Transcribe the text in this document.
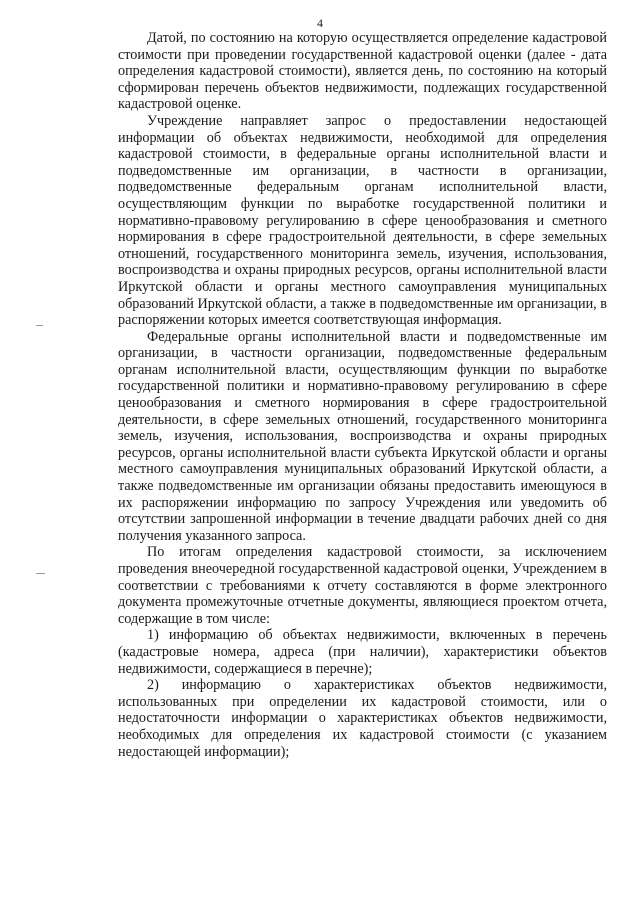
4

Датой, по состоянию на которую осуществляется определение кадастровой стоимости при проведении государственной кадастровой оценки (далее - дата определения кадастровой стоимости), является день, по состоянию на который сформирован перечень объектов недвижимости, подлежащих государственной кадастровой оценке.

Учреждение направляет запрос о предоставлении недостающей информации об объектах недвижимости, необходимой для определения кадастровой стоимости, в федеральные органы исполнительной власти и подведомственные им организации, в частности в организации, подведомственные федеральным органам исполнительной власти, осуществляющим функции по выработке государственной политики и нормативно-правовому регулированию в сфере ценообразования и сметного нормирования в сфере градостроительной деятельности, в сфере земельных отношений, государственного мониторинга земель, изучения, использования, воспроизводства и охраны природных ресурсов, органы исполнительной власти Иркутской области и органы местного самоуправления муниципальных образований Иркутской области, а также в подведомственные им организации, в распоряжении которых имеется соответствующая информация.

Федеральные органы исполнительной власти и подведомственные им организации, в частности организации, подведомственные федеральным органам исполнительной власти, осуществляющим функции по выработке государственной политики и нормативно-правовому регулированию в сфере ценообразования и сметного нормирования в сфере градостроительной деятельности, в сфере земельных отношений, государственного мониторинга земель, изучения, использования, воспроизводства и охраны природных ресурсов, органы исполнительной власти субъекта Иркутской области и органы местного самоуправления муниципальных образований Иркутской области, а также подведомственные им организации обязаны предоставить имеющуюся в их распоряжении информацию по запросу Учреждения или уведомить об отсутствии запрошенной информации в течение двадцати рабочих дней со дня получения указанного запроса.

По итогам определения кадастровой стоимости, за исключением проведения внеочередной государственной кадастровой оценки, Учреждением в соответствии с требованиями к отчету составляются в форме электронного документа промежуточные отчетные документы, являющиеся проектом отчета, содержащие в том числе:

1) информацию об объектах недвижимости, включенных в перечень (кадастровые номера, адреса (при наличии), характеристики объектов недвижимости, содержащиеся в перечне);

2) информацию о характеристиках объектов недвижимости, использованных при определении их кадастровой стоимости, или о недостаточности информации о характеристиках объектов недвижимости, необходимых для определения их кадастровой стоимости (с указанием недостающей информации);
